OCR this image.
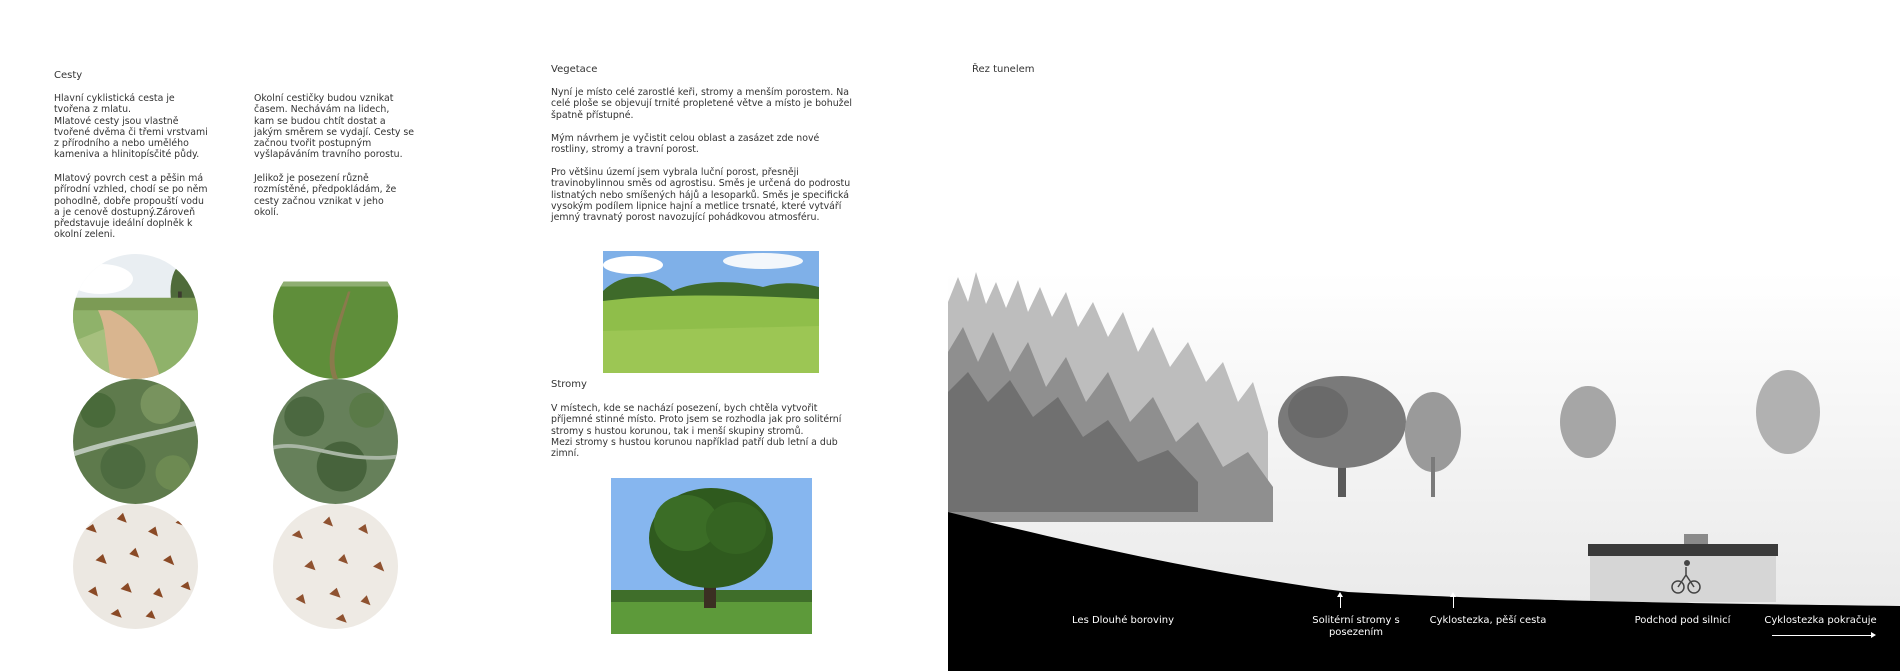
Cesty

Hlavní cyklistická cesta je
tvořena z mlatu.
Mlatové cesty jsou vlastně
tvořené dvěma či třemi vrstvami
z přírodního a nebo umělého
kameniva a hlinitopísčité půdy.

Mlatový povrch cest a pěšin má
přírodní vzhled, chodí se po něm
pohodlně, dobře propouští vodu
a je cenově dostupný.Zároveň
představuje ideální doplněk k
okolní zeleni.

Okolní cestičky budou vznikat
časem. Nechávám na lidech,
kam se budou chtít dostat a
jakým směrem se vydají. Cesty se
začnou tvořit postupným
vyšlapáváním travního porostu.

Jelikož je posezení různě
rozmístěné, předpokládám, že
cesty začnou vznikat v jeho
okolí.

Vegetace

Nyní je místo celé zarostlé keři, stromy a menším porostem. Na
celé ploše se objevují trnité propletené větve a místo je bohužel
špatně přístupné.

Mým návrhem je vyčistit celou oblast a zasázet zde nové
rostliny, stromy a travní porost.

Pro většinu území jsem vybrala luční porost, přesněji
travinobylinnou směs od agrostisu. Směs je určená do podrostu
listnatých nebo smíšených hájů a lesoparků. Směs je specifická
vysokým podílem lipnice hajní a metlice trsnaté, které vytváří
jemný travnatý porost navozující pohádkovou atmosféru.

Stromy

V místech, kde se nachází posezení, bych chtěla vytvořit
příjemné stinné místo. Proto jsem se rozhodla jak pro solitérní
stromy s hustou korunou, tak i menší skupiny stromů.
Mezi stromy s hustou korunou například patří dub letní a dub
zimní.

Řez tunelem
Les Dlouhé boroviny	Solitérní stromy s
posezením
Cyklostezka, pěší cesta	Podchod pod silnicí	Cyklostezka pokračuje
